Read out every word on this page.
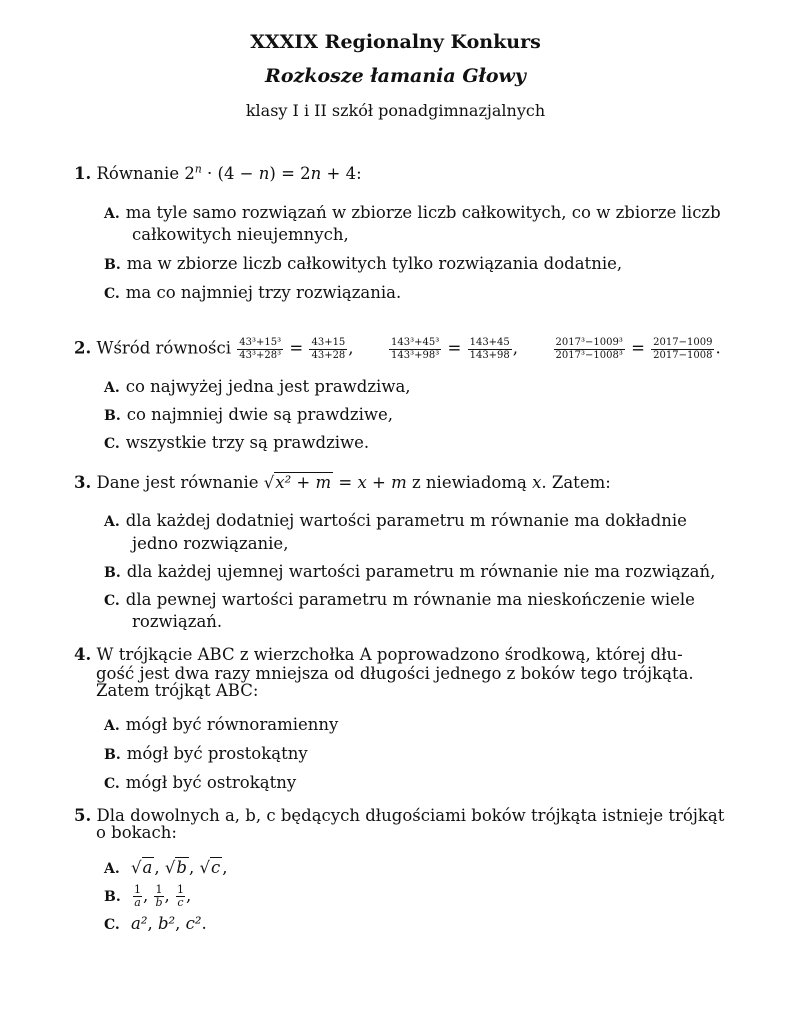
XXXIX Regionalny Konkurs
Rozkosze łamania Głowy
klasy I i II szkół ponadgimnazjalnych
1. Równanie $2^n \cdot (4 - n) = 2n + 4$:
A. ma tyle samo rozwiązań w zbiorze liczb całkowitych, co w zbiorze liczb
całkowitych nieujemnych,
B. ma w zbiorze liczb całkowitych tylko rozwiązania dodatnie,
C. ma co najmniej trzy rozwiązania.
2. Wśród równości $\frac{\text{43³+15³}}{\text{43³+28³}} = \frac{43+15}{43+28}$ ,	$\frac{\text{143³+45³}}{\text{143³+98³}} = \frac{143+45}{143+98}$ ,	$\frac{\text{2017³−1009³}}{\text{2017³−1008³}} = \frac{2017-1009}{2017-1008}$ .
A. co najwyżej jedna jest prawdziwa,
B. co najmniej dwie są prawdziwe,
C. wszystkie trzy są prawdziwe.
3. Dane jest równanie √x² + m = x + m z niewiadomą x. Zatem:
A. dla każdej dodatniej wartości parametru m równanie ma dokładnie
jedno rozwiązanie,
B. dla każdej ujemnej wartości parametru m równanie nie ma rozwiązań,
C. dla pewnej wartości parametru m równanie ma nieskończenie wiele
rozwiązań.
4. W trójkącie ABC z wierzchołka A poprowadzono środkową, której dłu-
gość jest dwa razy mniejsza od długości jednego z boków tego trójkąta.
Zatem trójkąt ABC:
A. mógł być równoramienny
B. mógł być prostokątny
C. mógł być ostrokątny
5. Dla dowolnych a, b, c będących długościami boków trójkąta istnieje trójkąt
o bokach:
A. √a , √b , √c ,
B. $\frac{1}{a}$ , $\frac{1}{b}$ , $\frac{1}{c}$ ,
C. a², b², c².
